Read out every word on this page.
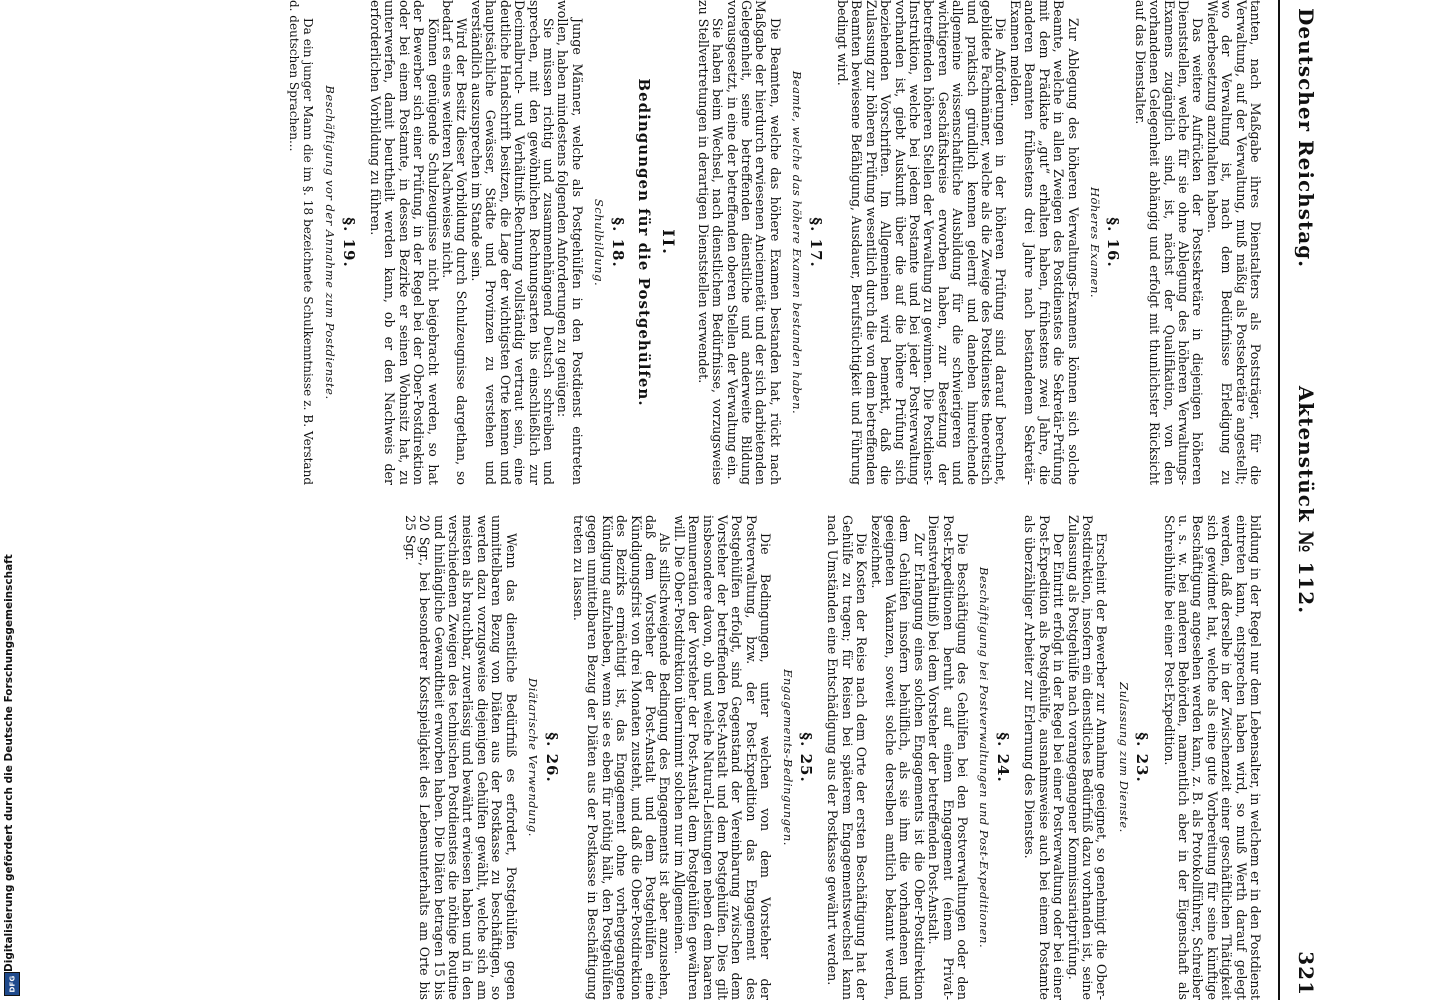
Deutscher Reichstag.
Aktenstück № 112.
321

tanten, nach Maßgabe ihres Dienstalters als Poststräger, für die Verwaltung, auf der Verwaltung, muß mäßig als Postsekretäre angestellt; wo der Verwaltung ist, nach dem Bedürfnisse Erledigung zu Wiederbesetzung anzuhalten haben.

Das weitere Aufrücken der Postsekretäre in diejenigen höheren Dienststellen, welche für sie ohne Ablegung des höheren Verwaltungs-Examens zugänglich sind, ist, nächst der Qualifikation, von den vorhandenen Gelegenheit abhängig und erfolgt mit thunlichster Rücksicht auf das Dienstalter.

§. 16.
Höheres Examen.

Zur Ablegung des höheren Verwaltungs-Examens können sich solche Beamte, welche in allen Zweigen des Postdienstes die Sekretär-Prüfung mit dem Prädikate „gut“ erhalten haben, frühestens zwei Jahre, die anderen Beamten frühestens drei Jahre nach bestandenem Sekretär-Examen melden.

Die Anforderungen in der höheren Prüfung sind darauf berechnet, gebildete Fachmänner, welche als die Zweige des Postdienstes theoretisch und praktisch gründlich kennen gelernt und daneben hinreichende allgemeine wissenschaftliche Ausbildung für die schwierigeren und wichtigeren Geschäftskreise erworben haben, zur Besetzung der betreffenden höheren Stellen der Verwaltung zu gewinnen. Die Postdienst-Instruktion, welche bei jedem Postamte und bei jeder Postverwaltung vorhanden ist, giebt Auskunft über die auf die höhere Prüfung sich beziehenden Vorschriften. Im Allgemeinen wird bemerkt, daß die Zulassung zur höheren Prüfung wesentlich durch die von dem betreffenden Beamten bewiesene Befähigung, Ausdauer, Berufstüchtigkeit und Führung bedingt wird.

§. 17.
Beamte, welche das höhere Examen bestanden haben.

Die Beamten, welche das höhere Examen bestanden hat, rückt nach Maßgabe der hierdurch erwiesenen Anciennetät und der sich darbietenden Gelegenheit, seine betreffenden dienstliche und anderweite Bildung vorausgesetzt, in eine der betreffenden oberen Stellen der Verwaltung ein.

Sie haben beim Wechsel, nach dienstlichem Bedürfnisse, vorzugsweise zu Stellvertretungen in derartigen Dienststellen verwendet.

II.
Bedingungen für die Postgehülfen.
§. 18.
Schulbildung.

Junge Männer, welche als Postgehülfen in den Postdienst eintreten wollen, haben mindestens folgenden Anforderungen zu genügen:

Sie müssen richtig und zusammenhängend Deutsch schreiben und sprechen, mit den gewöhnlichen Rechnungsarten bis einschließlich zur Decimalbruch- und Verhältniß-Rechnung vollständig vertraut sein, eine deutliche Handschrift besitzen, die Lage der wichtigsten Orte kennen und hauptsächliche Gewässer, Städte und Provinzen zu verstehen und verständlich auszusprechen im Stande sein.

Wird der Besitz dieser Vorbildung durch Schulzeugnisse dargethan, so bedarf es eines weiteren Nachweises nicht.

Können genügende Schulzeugnisse nicht beigebracht werden, so hat der Bewerber sich einer Prüfung, in der Regel bei der Ober-Postdirektion oder bei einem Postamte, in dessen Bezirke er seinen Wohnsitz hat, zu unterwerfen, damit beurtheilt werden kann, ob er den Nachweis der erforderlichen Vorbildung zu führen.

§. 19.
Beschäftigung vor der Annahme zum Postdienste.

Da ein junger Mann die im §. 18 bezeichnete Schulkenntnisse z. B. Verstand d. deutschen Sprachen...

bildung in der Regel nur dem Lebensalter, in welchem er in den Postdienst eintreten kann, entsprechen haben wird, so muß Werth darauf gelegt werden, daß derselbe in der Zwischenzeit einer geschäftlichen Thätigkeit sich gewidmet hat, welche als eine gute Vorbereitung für seine künftige Beschäftigung angesehen werden kann, z. B. als Protokollführer, Schreiber u. s. w. bei anderen Behörden, namentlich aber in der Eigenschaft als Schreibhülfe bei einer Post-Expedition.

§. 23.
Zulassung zum Dienste.

Erscheint der Bewerber zur Annahme geeignet, so genehmigt die Ober-Postdirektion, insofern ein dienstliches Bedürfniß dazu vorhanden ist, seine Zulassung als Postgehülfe nach vorangegangener Kommissariatprüfung.

Der Eintritt erfolgt in der Regel bei einer Postverwaltung oder bei einer Post-Expedition als Postgehülfe, ausnahmsweise auch bei einem Postamte als überzähliger Arbeiter zur Erlernung des Dienstes.

§. 24.
Beschäftigung bei Postverwaltungen und Post-Expeditionen.

Die Beschäftigung des Gehülfen bei den Postverwaltungen oder den Post-Expeditionen beruht auf einem Engagement (einem Privat-Dienstverhältniß) bei dem Vorsteher der betreffenden Post-Anstalt.

Zur Erlangung eines solchen Engagements ist die Ober-Postdirektion dem Gehülfen insofern behülflich, als sie ihm die vorhandenen und geeigneten Vakanzen, soweit solche derselben amtlich bekannt werden, bezeichnet.

Die Kosten der Reise nach dem Orte der ersten Beschäftigung hat der Gehülfe zu tragen; für Reisen bei späterem Engagementswechsel kann nach Umständen eine Entschädigung aus der Postkasse gewährt werden.

§. 25.
Engagements-Bedingungen.

Die Bedingungen, unter welchen von dem Vorsteher der Postverwaltung, bzw. der Post-Expedition das Engagement des Postgehülfen erfolgt, sind Gegenstand der Vereinbarung zwischen dem Vorsteher der betreffenden Post-Anstalt und dem Postgehülfen. Dies gilt insbesondere davon, ob und welche Natural-Leistungen neben dem baaren Remuneration der Vorsteher der Post-Anstalt dem Postgehülfen gewähren will. Die Ober-Postdirektion übernimmt solchen nur im Allgemeinen.

Als stillschweigende Bedingung des Engagements ist aber anzusehen, daß dem Vorsteher der Post-Anstalt und dem Postgehülfen eine Kündigungsfrist von drei Monaten zusteht, und daß die Ober-Postdirektion des Bezirks ermächtigt ist, das Engagement ohne vorhergegangene Kündigung aufzuheben, wenn sie es eben für nöthig hält, den Postgehülfen gegen unmittelbaren Bezug der Diäten aus der Postkasse in Beschäftigung treten zu lassen.

§. 26.
Diätarische Verwendung.

Wenn das dienstliche Bedürfniß es erfordert, Postgehülfen gegen unmittelbaren Bezug von Diäten aus der Postkasse zu beschäftigen, so werden dazu vorzugsweise diejenigen Gehülfen gewählt, welche sich am meisten als brauchbar, zuverlässig und bewährt erwiesen haben und in den verschiedenen Zweigen des technischen Postdienstes die nöthige Routine und hinlängliche Gewandtheit erworben haben. Die Diäten betragen 15 bis 20 Sgr., bei besonderer Kostspieligkeit des Lebensunterhalts am Orte bis 25 Sgr.

Digitalisierung gefördert durch die Deutsche Forschungsgemeinschaft
DFG
